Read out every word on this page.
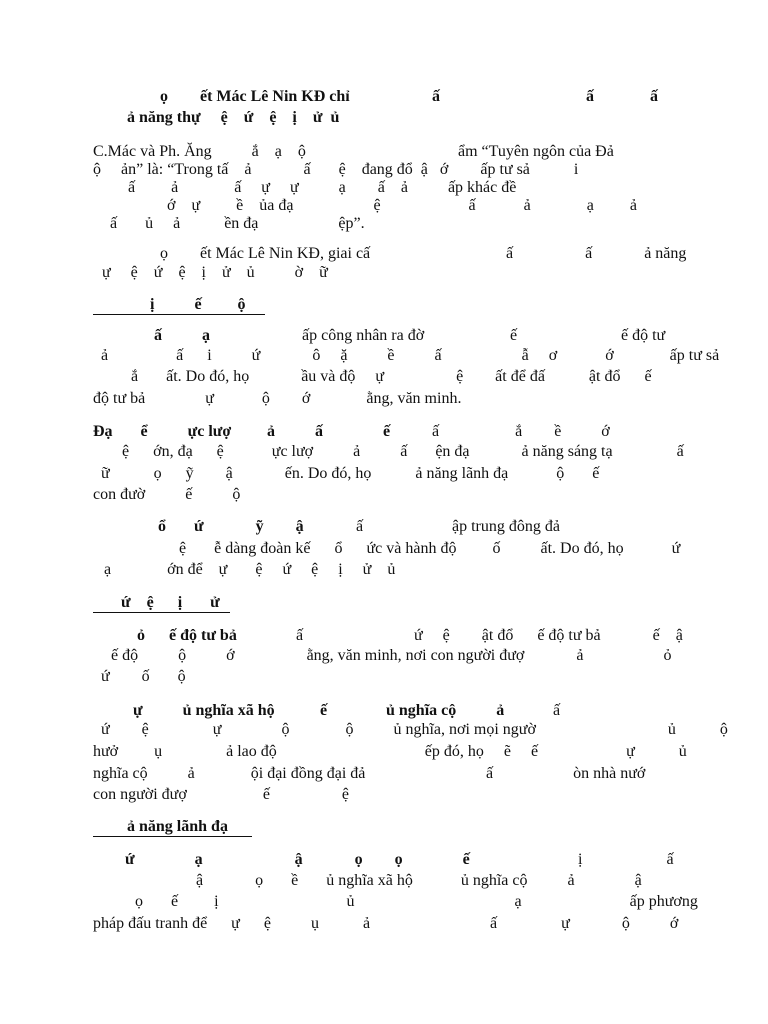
ọ        ết Mác Lê Nin KĐ chỉ	ấ	ấ              ấ
ả năng thự     ệ    ứ    ệ    ị    ử  ủ
C.Mác và Ph. Ăng          ắ    ạ    ộ	ẩm “Tuyên ngôn của Đả
ộ     ản” là: “Trong tấ    ả             ấ       ệ    đang đổ  ậ   ớ        ấp tư sả           i
ấ         ả              ấ     ự     ự          ạ        ấ    ả          ấp khác đề
ớ    ự         ề    ủa đạ                    ệ                      ấ            ả              ạ         ả
ấ       ủ     ả           ền đạ                    ệp”.
ọ        ết Mác Lê Nin KĐ, giai cấ	ấ                  ấ             ả năng
ự     ệ    ứ    ệ    ị    ử    ủ          ờ    ữ
ị          ế         ộ
ấ          ạ	ấp công nhân ra đờ	ế	ế độ tư
ả                 ấ      i          ứ             ô     ặ          ề          ấ                    ẫ     ơ            ớ              ấp tư sả
ắ       ất. Do đó, họ             ầu và độ     ự                  ệ        ất để đấ           ật đổ      ế
độ tư bả               ự            ộ        ớ              ằng, văn minh.
Đạ       ể          ực lượ ả          ấ               ế	ấ                   ắ        ề          ớ
ệ      ớn, đạ      ệ            ực lượ          ả          ấ       ện đạ             ả năng sáng tạ                ấ
ữ           ọ      ỹ        ậ             ến. Do đó, họ           ả năng lãnh đạ            ộ       ế
con đườ          ế          ộ
ổ       ứ             ỹ        ậ	ấ	ập trung đông đả
ệ       ễ dàng đoàn kế      ổ      ức và hành độ         ố          ất. Do đó, họ            ứ
ạ              ớn để    ự       ệ     ứ     ệ     ị     ử    ủ
ứ    ệ      ị       ử
ỏ      ế độ tư bả	ấ	ứ     ệ        ật đổ      ế độ tư bả             ế    ậ
ế độ          ộ          ớ                  ằng, văn minh, nơi con người đượ             ả                    ỏ
ứ        ố       ộ
ự          ủ nghĩa xã hộ	ế	ủ nghĩa cộ          ả	ấ
ứ        ệ                ự               ộ              ộ          ủ nghĩa, nơi mọi ngườ                                 ủ           ộ
hưở         ụ                ả lao độ                                     ếp đó, họ     ẽ     ế                      ự           ủ
nghĩa cộ          ả              ội đại đồng đại đả	ấ                    òn nhà nướ
con người đượ                   ế                  ệ
ả năng lãnh đạ
ứ               ạ                       ậ             ọ        ọ               ế	ị                     ấ
ậ             ọ       ề       ủ nghĩa xã hộ            ủ nghĩa cộ          ả               ậ
ọ       ế         ị                                ủ                                        ạ                           ấp phương
pháp đấu tranh để      ự      ệ          ụ           ả                              ấ                ự             ộ          ớ
